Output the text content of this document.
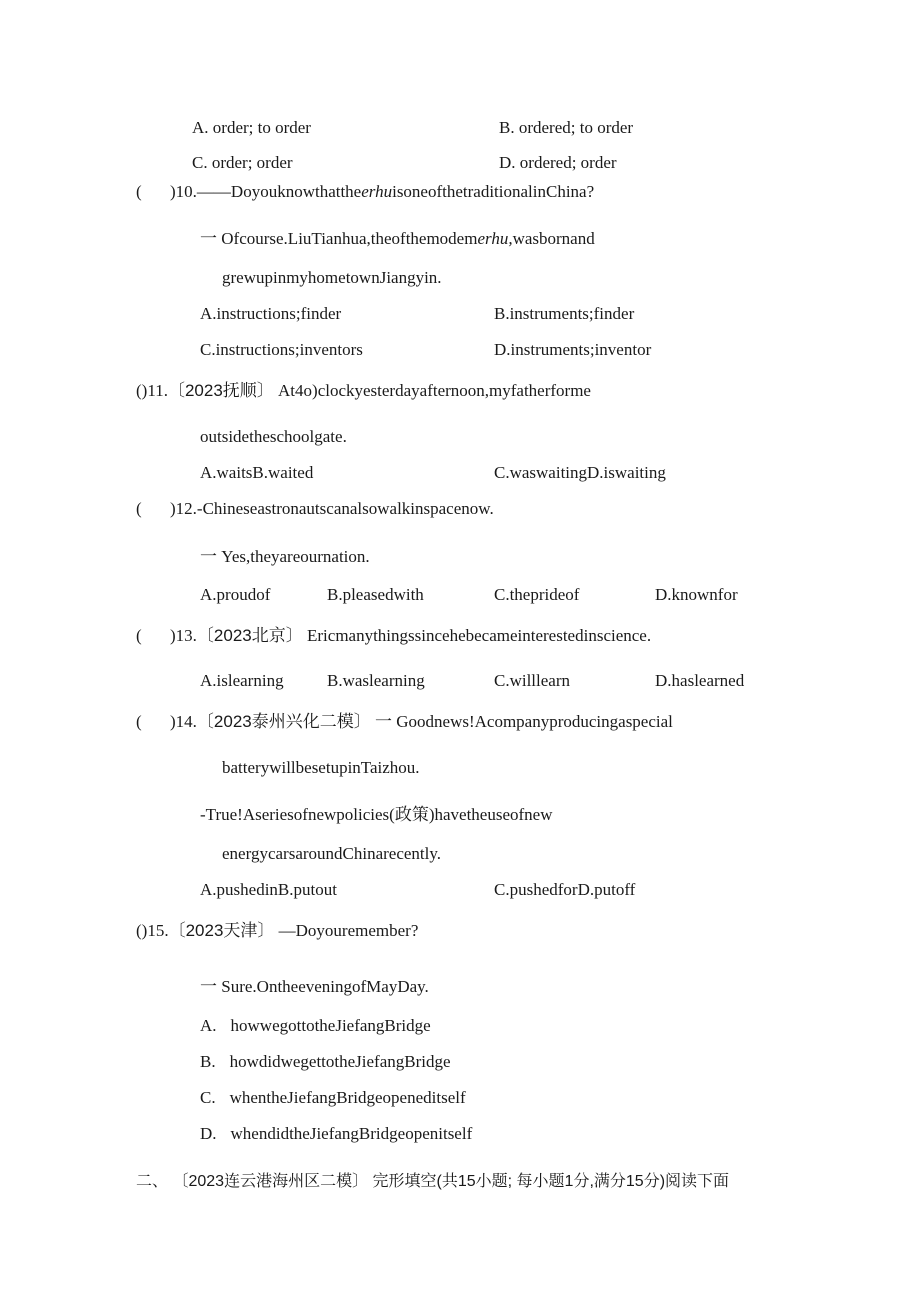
A. order; to order	B. ordered; to order
C. order; order	D. ordered; order
( )10.——DoyouknowthattheerhuisoneofthetraditionalinChina?
一 Ofcourse.LiuTianhua,theofthemodemerhu,wasbornand
grewupinmyhometownJiangyin.
A.instructions;finder	B.instruments;finder
C.instructions;inventors	D.instruments;inventor
()11.〔2023抚顺〕 At4o)clockyesterdayafternoon,myfatherforme
outsidetheschoolgate.
A.waitsB.waited	C.waswaitingD.iswaiting
( )12.-Chineseastronautscanalsowalkinspacenow.
一 Yes,theyareournation.
A.proudof	B.pleasedwith	C.theprideof	D.knownfor
( )13.〔2023北京〕 Ericmanythingssincehebecameinterestedinscience.
A.islearning	B.waslearning	C.willlearn	D.haslearned
( )14.〔2023泰州兴化二模〕 一 Goodnews!Acompanyproducingaspecial
batterywillbesetupinTaizhou.
-True!Aseriesofnewpolicies(政策)havetheuseofnew
energycarsaroundChinarecently.
A.pushedinB.putout	C.pushedforD.putoff
()15.〔2023天津〕 —Doyouremember?
一 Sure.OntheeveningofMayDay.
A. howwegottotheJiefangBridge
B. howdidwegettotheJiefangBridge
C. whentheJiefangBridgeopeneditself
D. whendidtheJiefangBridgeopenitself
二、 〔2023连云港海州区二模〕 完形填空(共15小题; 每小题1分,满分15分)阅读下面
